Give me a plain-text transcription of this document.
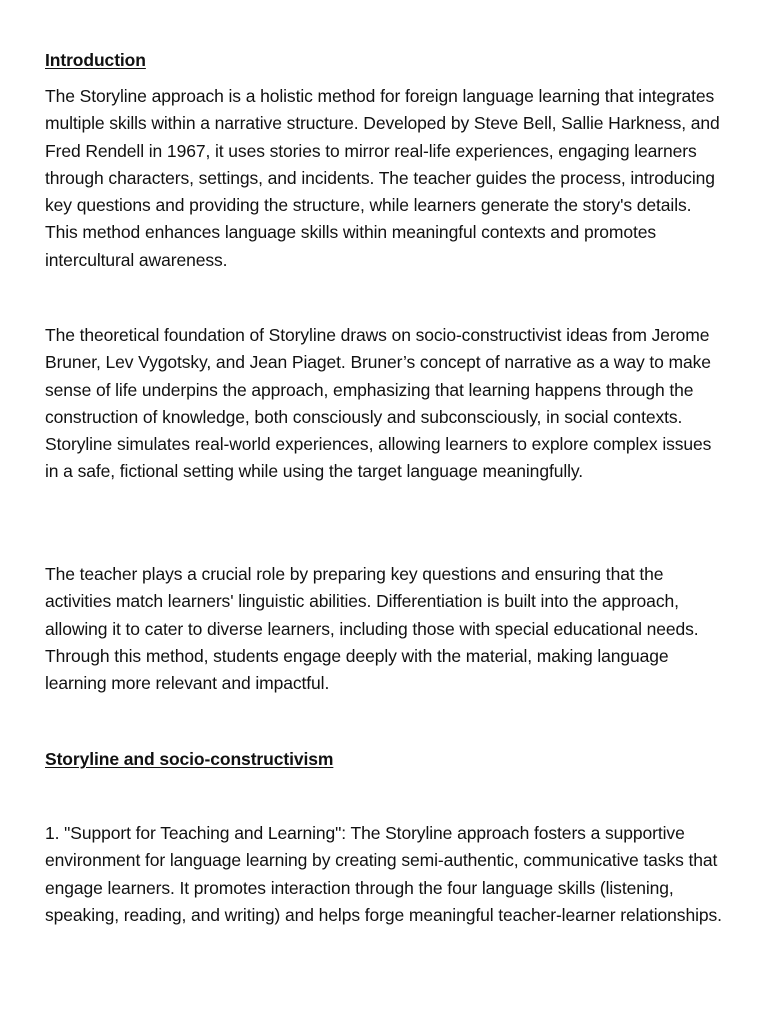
Introduction

The Storyline approach is a holistic method for foreign language learning that integrates multiple skills within a narrative structure. Developed by Steve Bell, Sallie Harkness, and Fred Rendell in 1967, it uses stories to mirror real-life experiences, engaging learners through characters, settings, and incidents. The teacher guides the process, introducing key questions and providing the structure, while learners generate the story's details. This method enhances language skills within meaningful contexts and promotes intercultural awareness.

The theoretical foundation of Storyline draws on socio-constructivist ideas from Jerome Bruner, Lev Vygotsky, and Jean Piaget. Bruner’s concept of narrative as a way to make sense of life underpins the approach, emphasizing that learning happens through the construction of knowledge, both consciously and subconsciously, in social contexts. Storyline simulates real-world experiences, allowing learners to explore complex issues in a safe, fictional setting while using the target language meaningfully.

The teacher plays a crucial role by preparing key questions and ensuring that the activities match learners' linguistic abilities. Differentiation is built into the approach, allowing it to cater to diverse learners, including those with special educational needs. Through this method, students engage deeply with the material, making language learning more relevant and impactful.

Storyline and socio-constructivism

1. "Support for Teaching and Learning": The Storyline approach fosters a supportive environment for language learning by creating semi-authentic, communicative tasks that engage learners. It promotes interaction through the four language skills (listening, speaking, reading, and writing) and helps forge meaningful teacher-learner relationships.
